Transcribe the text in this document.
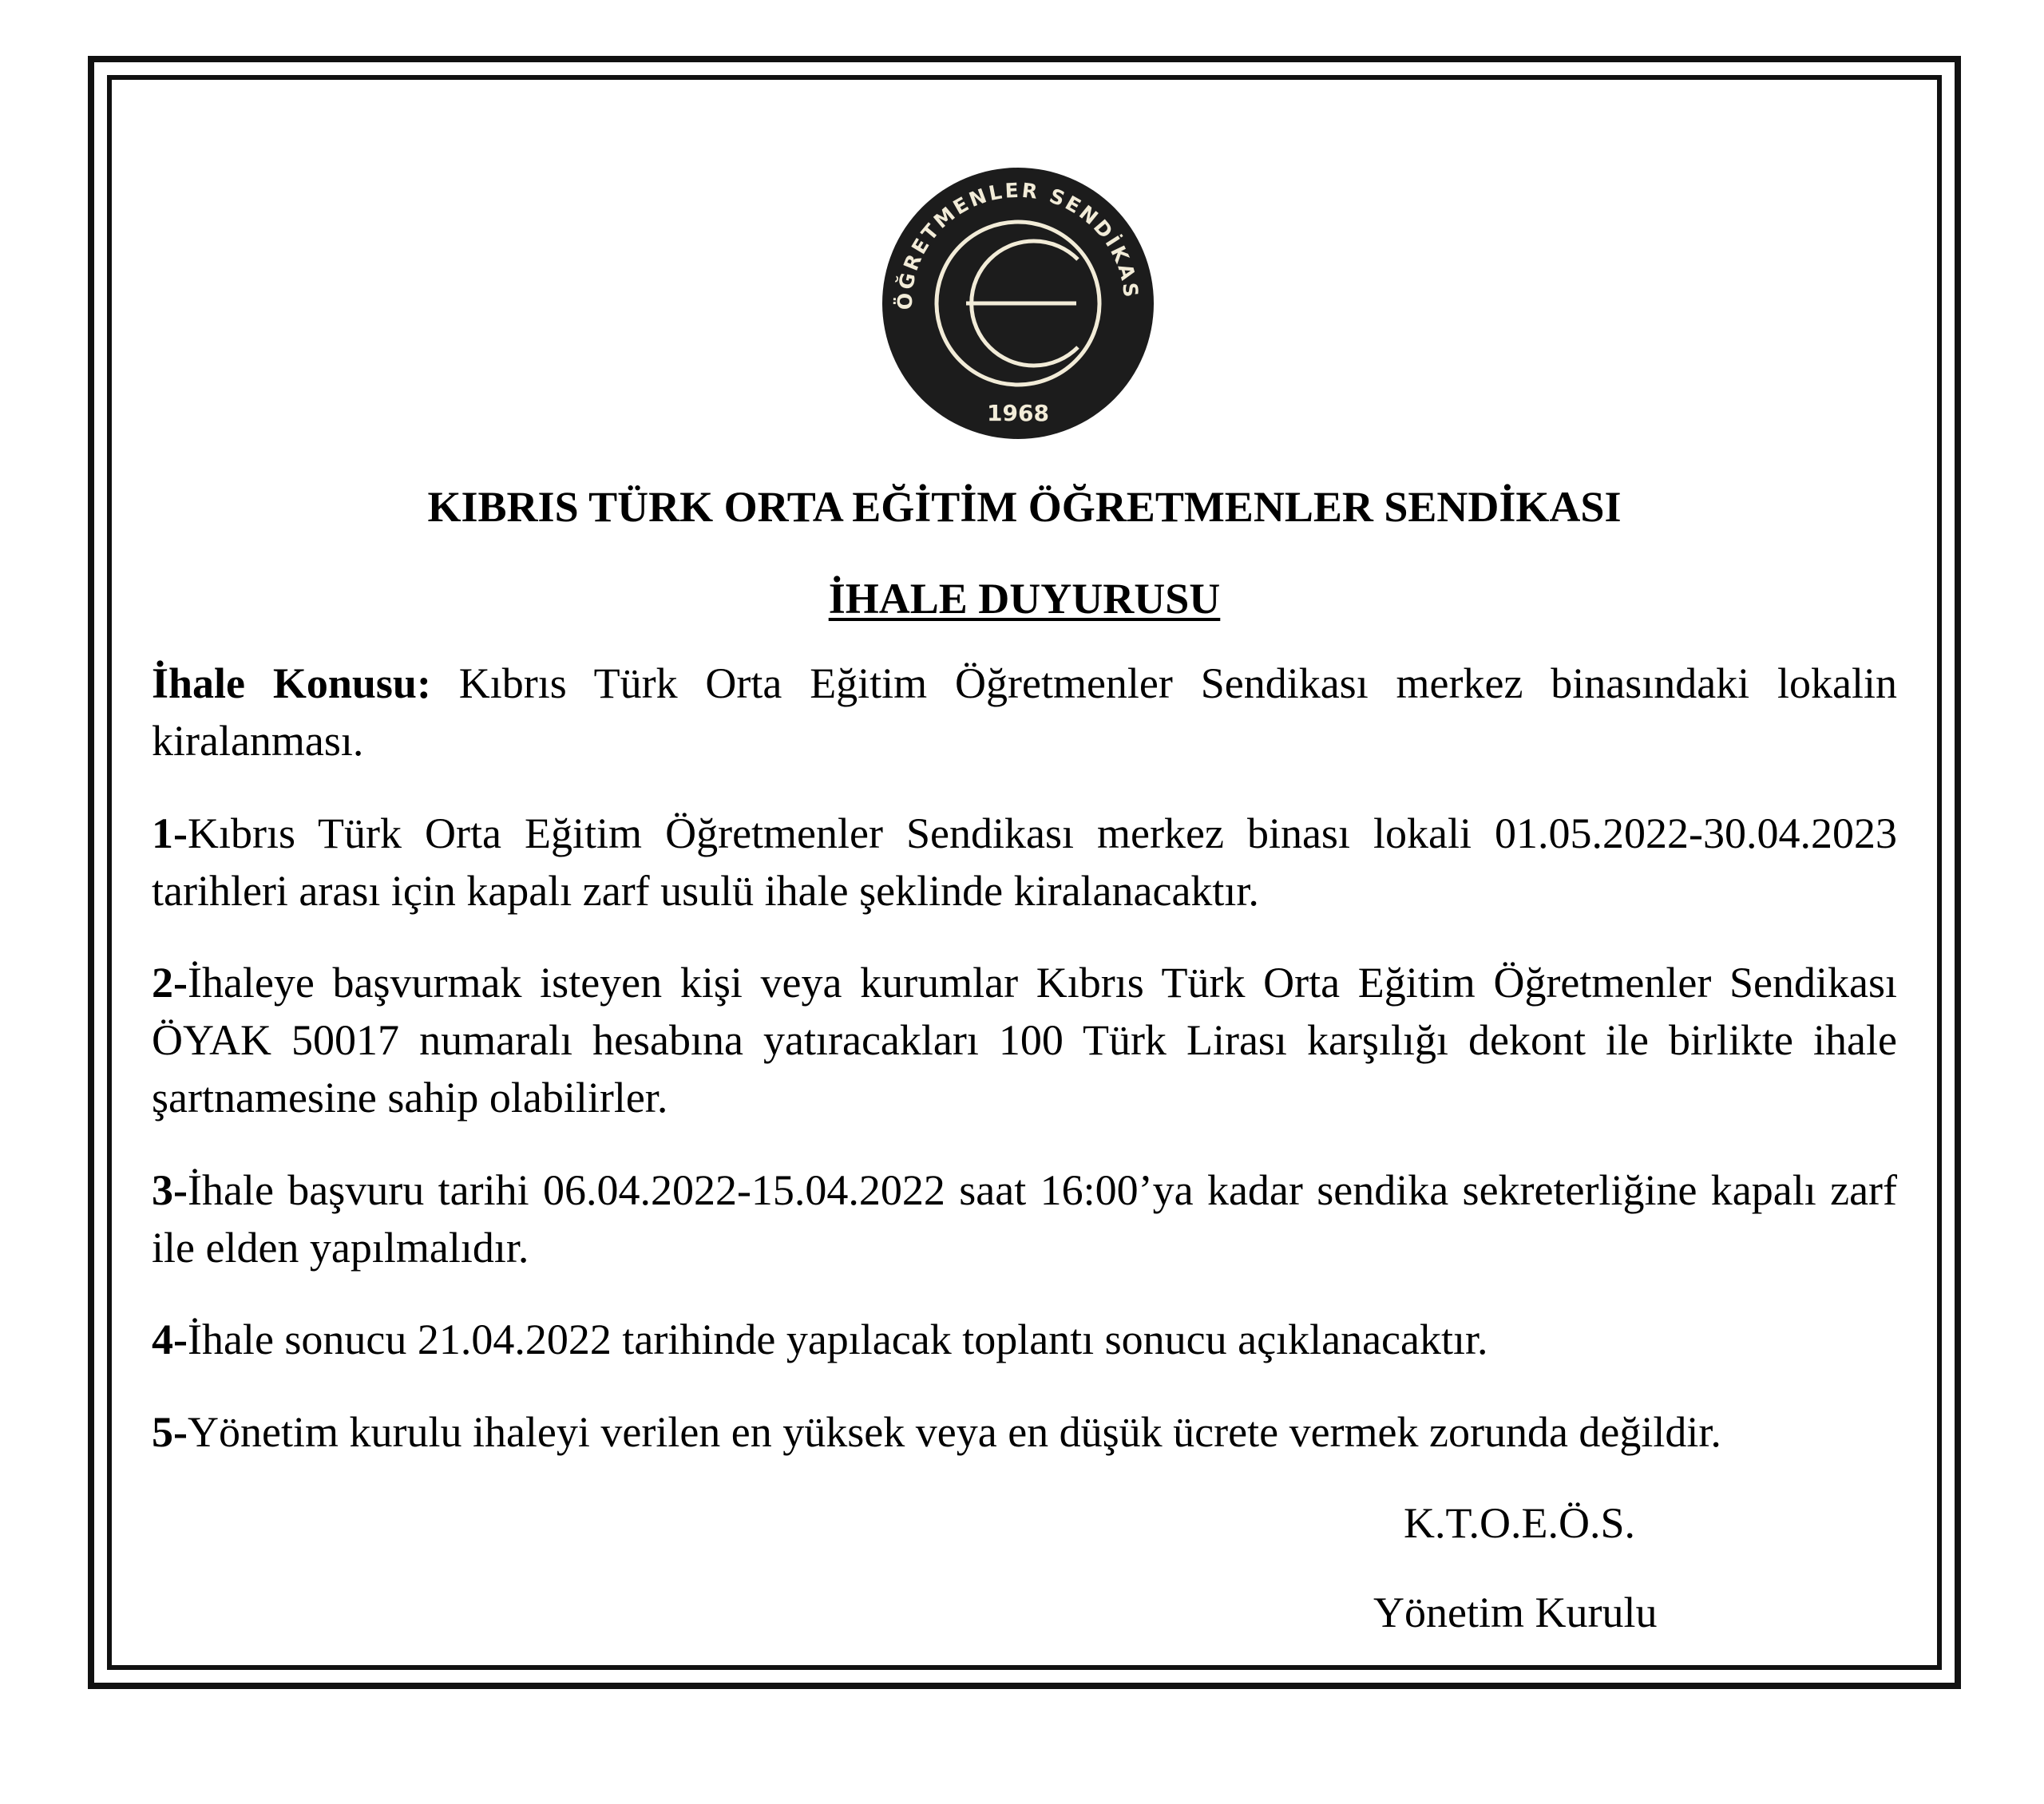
ÖĞRETMENLER SENDİKAS
1968

KIBRIS TÜRK ORTA EĞİTİM ÖĞRETMENLER SENDİKASI

İHALE DUYURUSU

İhale Konusu: Kıbrıs Türk Orta Eğitim Öğretmenler Sendikası merkez binasındaki lokalin kiralanması.

1-Kıbrıs Türk Orta Eğitim Öğretmenler Sendikası merkez binası lokali 01.05.2022-30.04.2023 tarihleri arası için kapalı zarf usulü ihale şeklinde kiralanacaktır.

2-İhaleye başvurmak isteyen kişi veya kurumlar Kıbrıs Türk Orta Eğitim Öğretmenler Sendikası ÖYAK 50017 numaralı hesabına yatıracakları 100 Türk Lirası karşılığı dekont ile birlikte ihale şartnamesine sahip olabilirler.

3-İhale başvuru tarihi 06.04.2022-15.04.2022 saat 16:00’ya kadar sendika sekreterliğine kapalı zarf ile elden yapılmalıdır.

4-İhale sonucu 21.04.2022 tarihinde yapılacak toplantı sonucu açıklanacaktır.

5-Yönetim kurulu ihaleyi verilen en yüksek veya en düşük ücrete vermek zorunda değildir.

K.T.O.E.Ö.S.

Yönetim Kurulu
